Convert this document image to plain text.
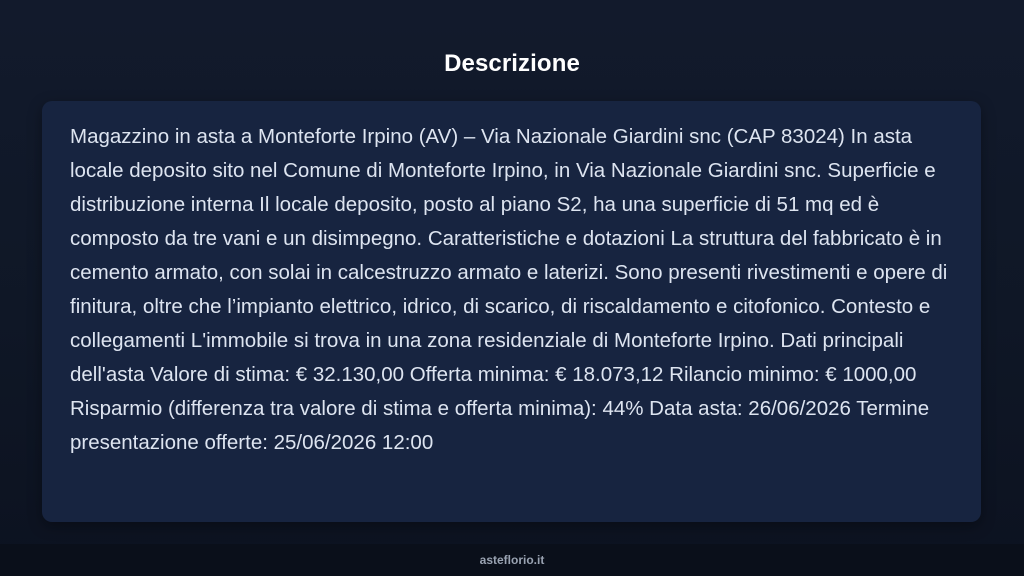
Descrizione

Magazzino in asta a Monteforte Irpino (AV) – Via Nazionale Giardini snc (CAP 83024) In asta locale deposito sito nel Comune di Monteforte Irpino, in Via Nazionale Giardini snc. Superficie e distribuzione interna Il locale deposito, posto al piano S2, ha una superficie di 51 mq ed è composto da tre vani e un disimpegno. Caratteristiche e dotazioni La struttura del fabbricato è in cemento armato, con solai in calcestruzzo armato e laterizi. Sono presenti rivestimenti e opere di finitura, oltre che l’impianto elettrico, idrico, di scarico, di riscaldamento e citofonico. Contesto e collegamenti L'immobile si trova in una zona residenziale di Monteforte Irpino. Dati principali dell'asta Valore di stima: € 32.130,00 Offerta minima: € 18.073,12 Rilancio minimo: € 1000,00 Risparmio (differenza tra valore di stima e offerta minima): 44% Data asta: 26/06/2026 Termine presentazione offerte: 25/06/2026 12:00

asteflorio.it
